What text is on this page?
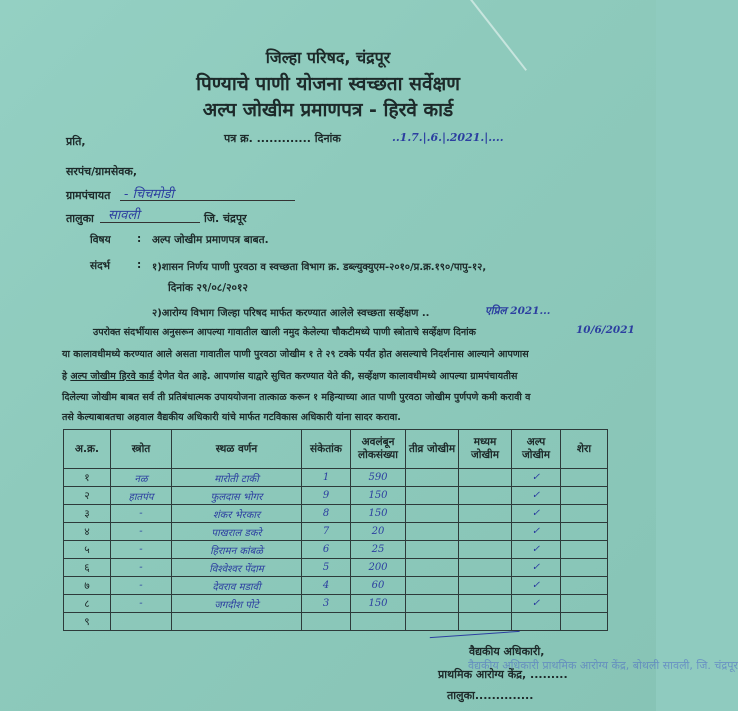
जिल्हा परिषद, चंद्रपूर
पिण्याचे पाणी योजना स्वच्छता सर्वेक्षण
अल्प जोखीम प्रमाणपत्र - हिरवे कार्ड
पत्र क्र. ............. दिनांक	..1.7.|.6.|.2021.|....
प्रति,
सरपंच/ग्रामसेवक,
ग्रामपंचायत - चिचमोडी
तालुका सावली	जि. चंद्रपूर
विषय	: अल्प जोखीम प्रमाणपत्र बाबत.
संदर्भ	: १)शासन निर्णय पाणी पुरवठा व स्वच्छता विभाग क्र. डब्ल्युक्युएम-२०१०/प्र.क्र.१९०/पापु-१२,
दिनांक २९/०८/२०१२
२)आरोग्य विभाग जिल्हा परिषद मार्फत करण्यात आलेले स्वच्छता सर्व्हेक्षण ..	एप्रिल 2021...
उपरोक्त संदर्भीयास अनुसरून आपल्या गावातील खाली नमुद केलेल्या चौकटीमध्ये पाणी स्त्रोताचे सर्व्हेक्षण दिनांक	10/6/2021
या कालावधीमध्ये करण्यात आले असता गावातील पाणी पुरवठा जोखीम १ ते २९ टक्के पर्यंत होत असल्याचे निदर्शनास आल्याने आपणास
हे अल्प जोखीम हिरवे कार्ड देणेत येत आहे. आपणांस याद्वारे सुचित करण्यात येते की, सर्व्हेक्षण कालावधीमध्ये आपल्या ग्रामपंचायतीस
दिलेल्या जोखीम बाबत सर्व ती प्रतिबंधात्मक उपाययोजना तात्काळ करून १ महिन्याच्या आत पाणी पुरवठा जोखीम पुर्णपणे कमी करावी व
तसे केल्याबाबतचा अहवाल वैद्यकीय अधिकारी यांचे मार्फत गटविकास अधिकारी यांना सादर करावा.
अ.क्र.	स्त्रोत	स्थळ वर्णन	संकेतांक	अवलंबून लोकसंख्या	तीव्र जोखीम	मध्यम जोखीम	अल्प जोखीम	शेरा
१	नळ	मारोती टाकी	1	590			✓	
२	हातपंप	फुलदास भोगर	9	150			✓	
३	-	शंकर भेरकार	8	150			✓	
४	-	पाखराल डकरे	7	20			✓	
५	-	हिरामन कांबळे	6	25			✓	
६	-	विश्वेश्वर पेंदाम	5	200			✓	
७	-	देवराव मडावी	4	60			✓	
८	-	जगदीश पोटे	3	150			✓	
९								
वैद्यकीय अधिकारी प्राथमिक आरोग्य केंद्र, बोथली सावली, जि. चंद्रपूर
वैद्यकीय अधिकारी,
प्राथमिक आरोग्य केंद्र, .........
तालुका..............
